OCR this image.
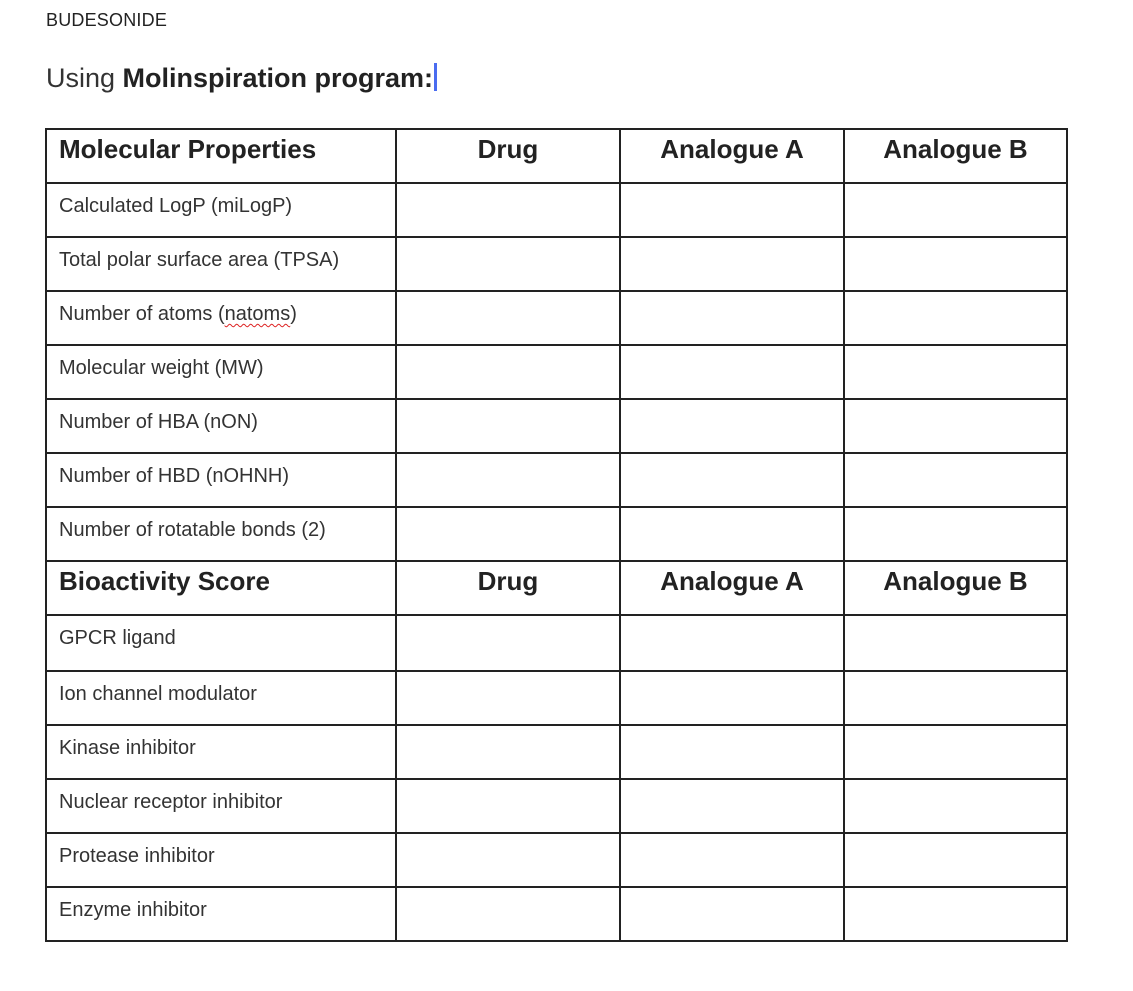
BUDESONIDE
Using Molinspiration program:
Molecular Properties	Drug	Analogue A	Analogue B
Calculated LogP (miLogP)			
Total polar surface area (TPSA)			
Number of atoms (natoms)			
Molecular weight (MW)			
Number of HBA (nON)			
Number of HBD (nOHNH)			
Number of rotatable bonds (2)			
Bioactivity Score	Drug	Analogue A	Analogue B
GPCR ligand			
Ion channel modulator			
Kinase inhibitor			
Nuclear receptor inhibitor			
Protease inhibitor			
Enzyme inhibitor			
